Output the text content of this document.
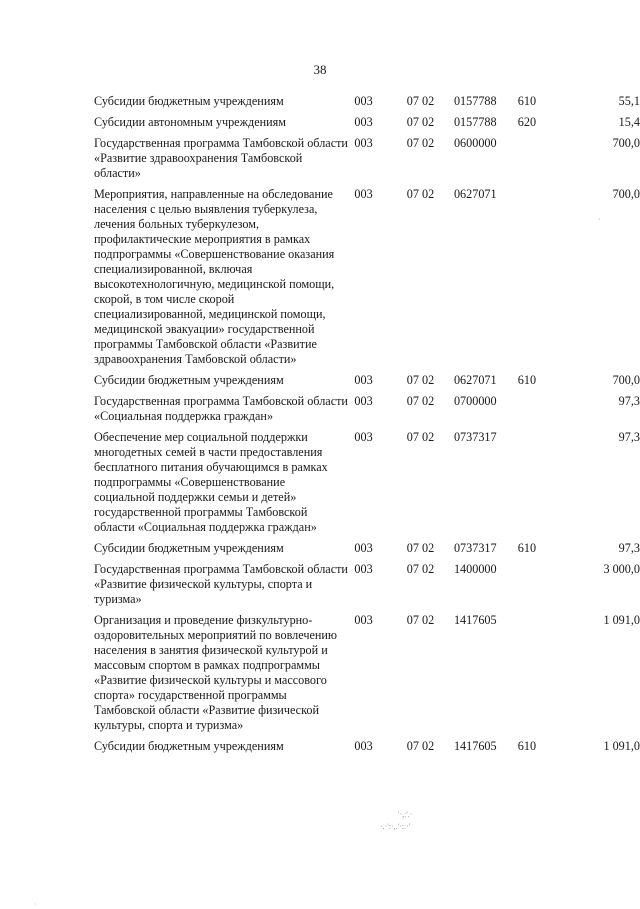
38
Субсидии бюджетным учреждениям	003	07 02	0157788	610	55,1
Субсидии автономным учреждениям	003	07 02	0157788	620	15,4
Государственная программа Тамбовской области «Развитие здравоохранения Тамбовской области»	003	07 02	0600000		700,0
Мероприятия, направленные на обследование населения с целью выявления туберкулеза, лечения больных туберкулезом, профилактические мероприятия в рамках подпрограммы «Совершенствование оказания специализированной, включая высокотехнологичную, медицинской помощи, скорой, в том числе скорой специализированной, медицинской помощи, медицинской эвакуации» государственной программы Тамбовской области «Развитие здравоохранения Тамбовской области»	003	07 02	0627071		700,0
Субсидии бюджетным учреждениям	003	07 02	0627071	610	700,0
Государственная программа Тамбовской области «Социальная поддержка граждан»	003	07 02	0700000		97,3
Обеспечение мер социальной поддержки многодетных семей в части предоставления бесплатного питания обучающимся в рамках подпрограммы «Совершенствование социальной поддержки семьи и детей» государственной программы Тамбовской области «Социальная поддержка граждан»	003	07 02	0737317		97,3
Субсидии бюджетным учреждениям	003	07 02	0737317	610	97,3
Государственная программа Тамбовской области «Развитие физической культуры, спорта и туризма»	003	07 02	1400000		3 000,0
Организация и проведение физкультурно-оздоровительных мероприятий по вовлечению населения в занятия физической культурой и массовым спортом в рамках подпрограммы «Развитие физической культуры и массового спорта» государственной программы Тамбовской области «Развитие физической культуры, спорта и туризма»	003	07 02	1417605		1 091,0
Субсидии бюджетным учреждениям	003	07 02	1417605	610	1 091,0
·
'·,:'.·
·.·':·,.'·:.·'
·
